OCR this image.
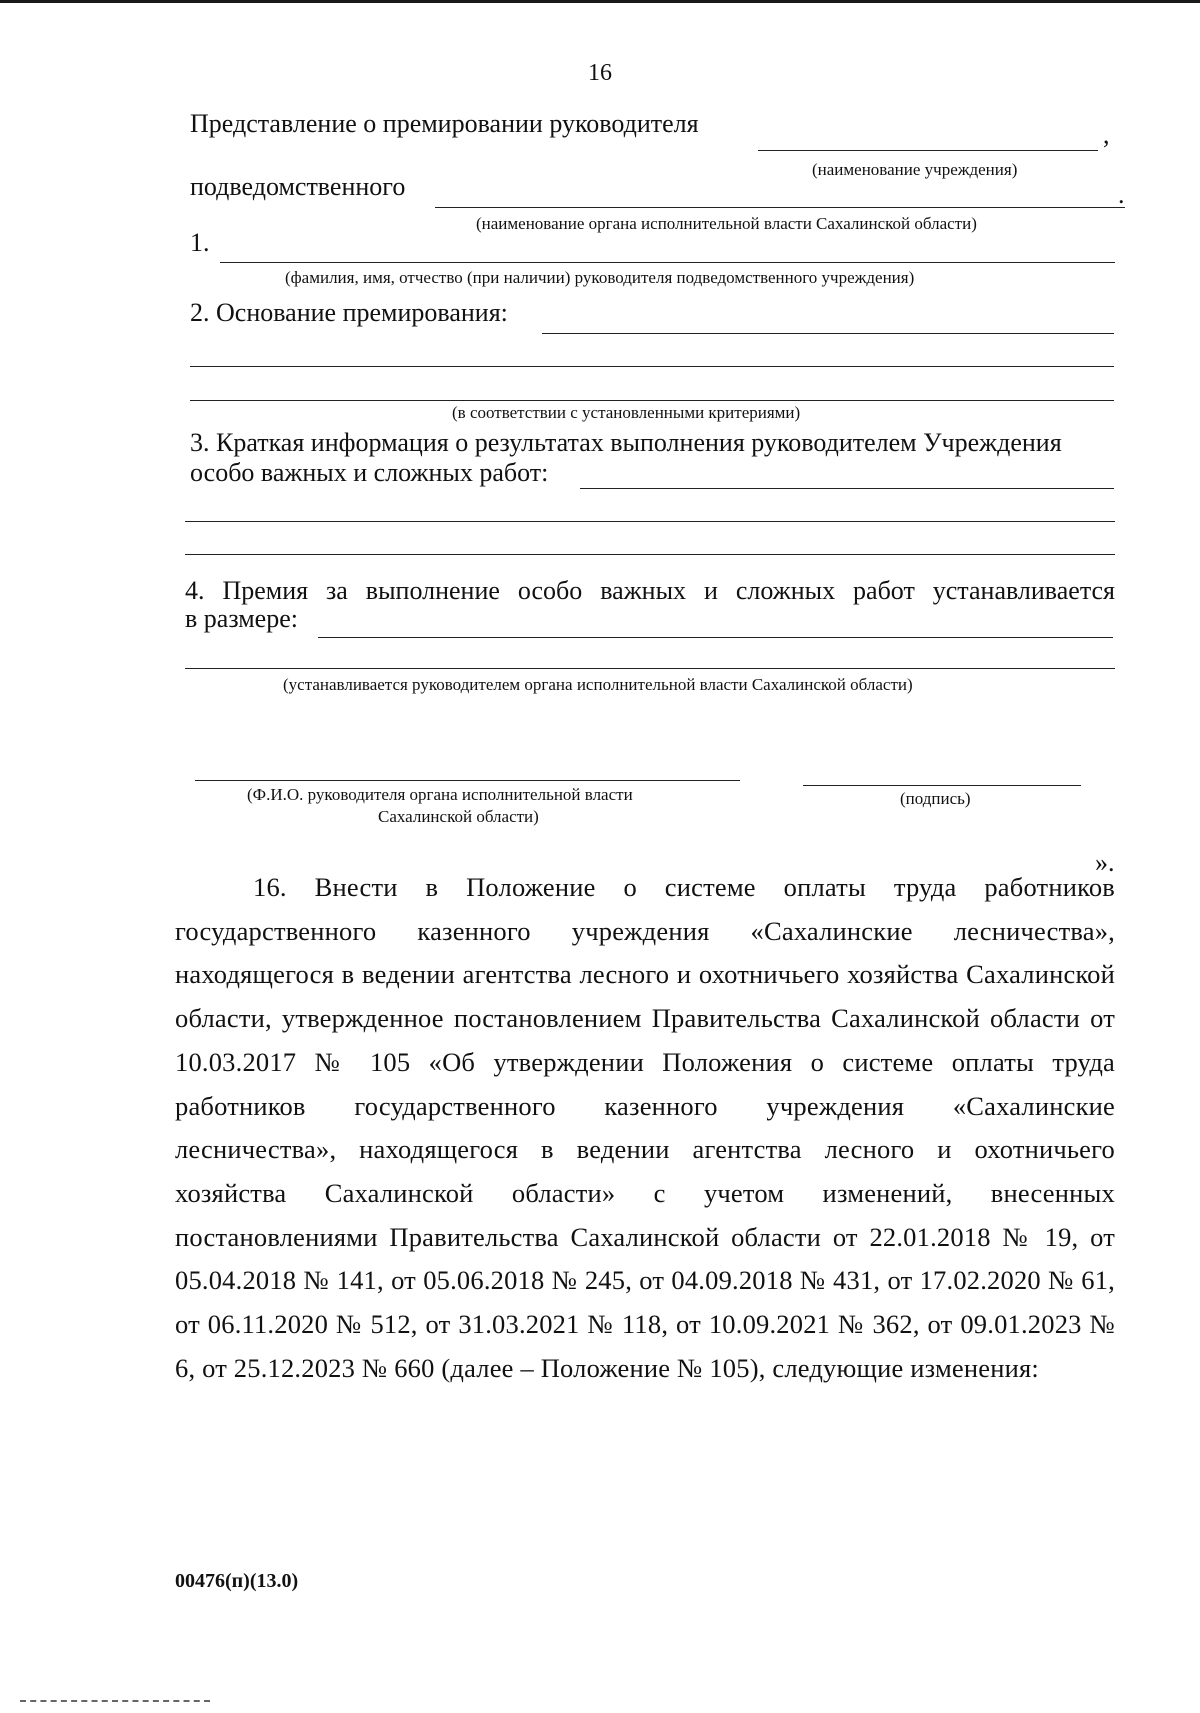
16
Представление о премировании руководителя	,
(наименование учреждения)
подведомственного	.
(наименование органа исполнительной власти Сахалинской области)
1.
(фамилия, имя, отчество (при наличии) руководителя подведомственного учреждения)
2. Основание премирования:
(в соответствии с установленными критериями)
3. Краткая информация о результатах выполнения руководителем Учреждения
особо важных и сложных работ:
4. Премия за выполнение особо важных и сложных работ устанавливается
в размере:
(устанавливается руководителем органа исполнительной власти Сахалинской области)
(Ф.И.О. руководителя органа исполнительной власти
Сахалинской области)
(подпись)
».
16. Внести в Положение о системе оплаты труда работников государственного казенного учреждения «Сахалинские лесничества», находящегося в ведении агентства лесного и охотничьего хозяйства Сахалинской области, утвержденное постановлением Правительства Сахалинской области от 10.03.2017 № 105 «Об утверждении Положения о системе оплаты труда работников государственного казенного учреждения «Сахалинские лесничества», находящегося в ведении агентства лесного и охотничьего хозяйства Сахалинской области» с учетом изменений, внесенных постановлениями Правительства Сахалинской области от 22.01.2018 № 19, от 05.04.2018 № 141, от 05.06.2018 № 245, от 04.09.2018 № 431, от 17.02.2020 № 61, от 06.11.2020 № 512, от 31.03.2021 № 118, от 10.09.2021 № 362, от 09.01.2023 № 6, от 25.12.2023 № 660 (далее – Положение № 105), следующие изменения:
00476(п)(13.0)
